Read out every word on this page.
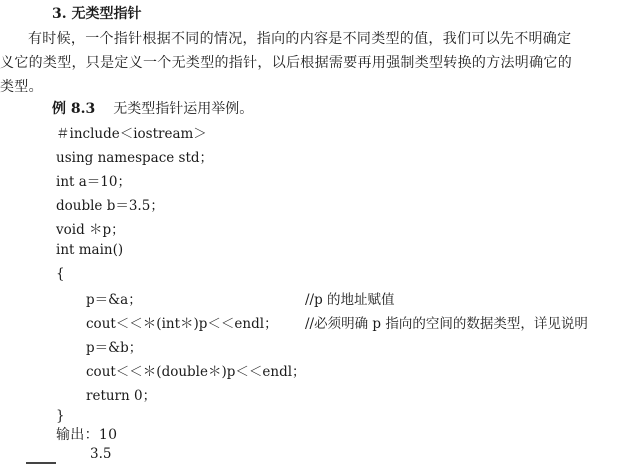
3. 无类型指针
有时候，一个指针根据不同的情况，指向的内容是不同类型的值，我们可以先不明确定
义它的类型，只是定义一个无类型的指针，以后根据需要再用强制类型转换的方法明确它的
类型。
例 8.3 无类型指针运用举例。
＃include＜iostream＞
using namespace std；
int a＝10；
double b＝3.5；
void ＊p；
int main()
{
p＝&a；	//p 的地址赋值
cout＜＜＊(int＊)p＜＜endl； //必须明确 p 指向的空间的数据类型，详见说明
p＝&b；
cout＜＜＊(double＊)p＜＜endl；
return 0；
}
输出：10
3.5
